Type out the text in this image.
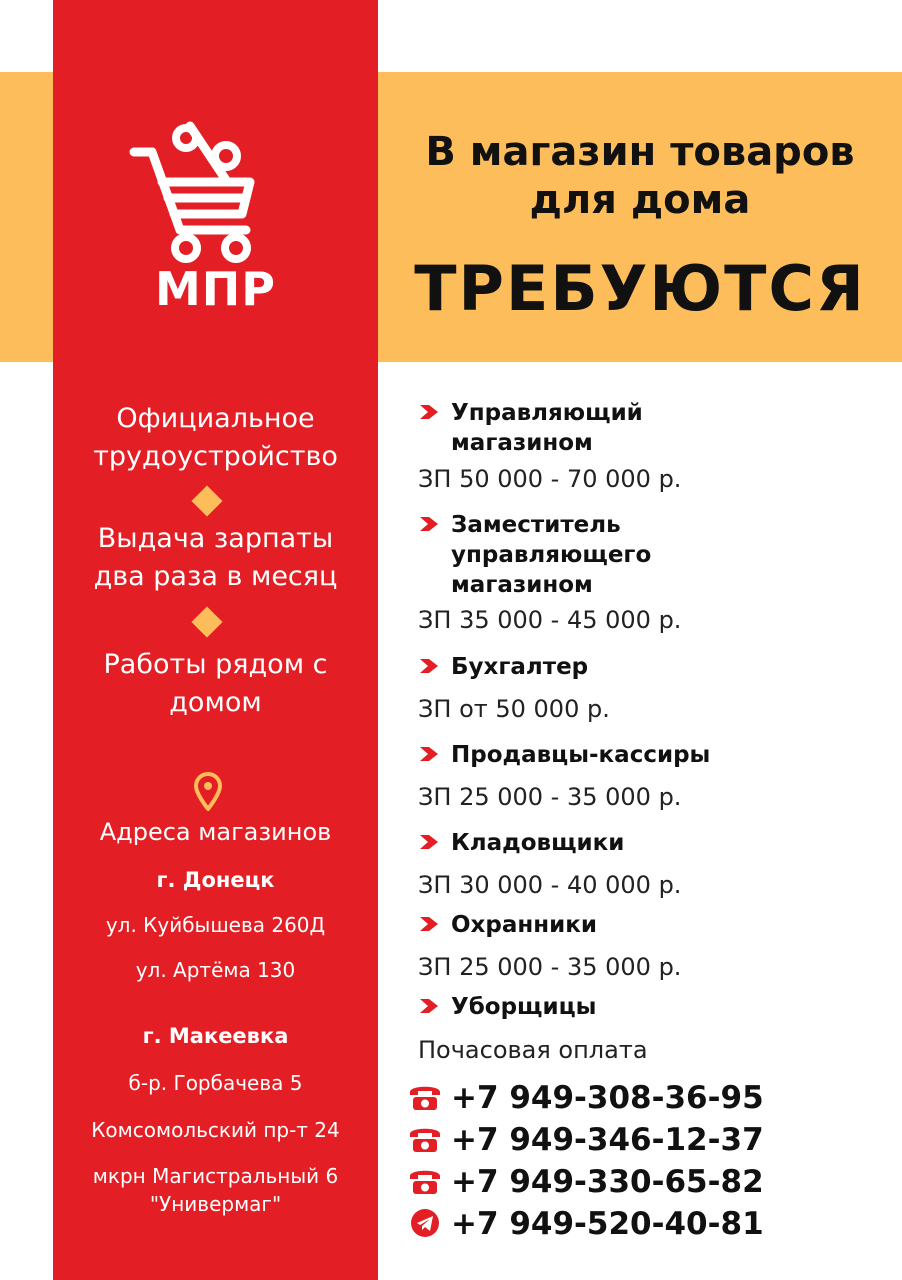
МПР
В магазин товаров
для дома
ТРЕБУЮТСЯ
Официальное
трудоустройство
Выдача зарпаты
два раза в месяц
Работы рядом с
домом
Адреса магазинов
г. Донецк
ул. Куйбышева 260Д
ул. Артёма 130
г. Макеевка
б-р. Горбачева 5
Комсомольский пр-т 24
мкрн Магистральный 6
"Универмаг"
Управляющий
магазином
ЗП 50 000 - 70 000 р.
Заместитель
управляющего
магазином
ЗП 35 000 - 45 000 р.
Бухгалтер
ЗП от 50 000 р.
Продавцы-кассиры
ЗП 25 000 - 35 000 р.
Кладовщики
ЗП 30 000 - 40 000 р.
Охранники
ЗП 25 000 - 35 000 р.
Уборщицы
Почасовая оплата
+7 949-308-36-95
+7 949-346-12-37
+7 949-330-65-82
+7 949-520-40-81
